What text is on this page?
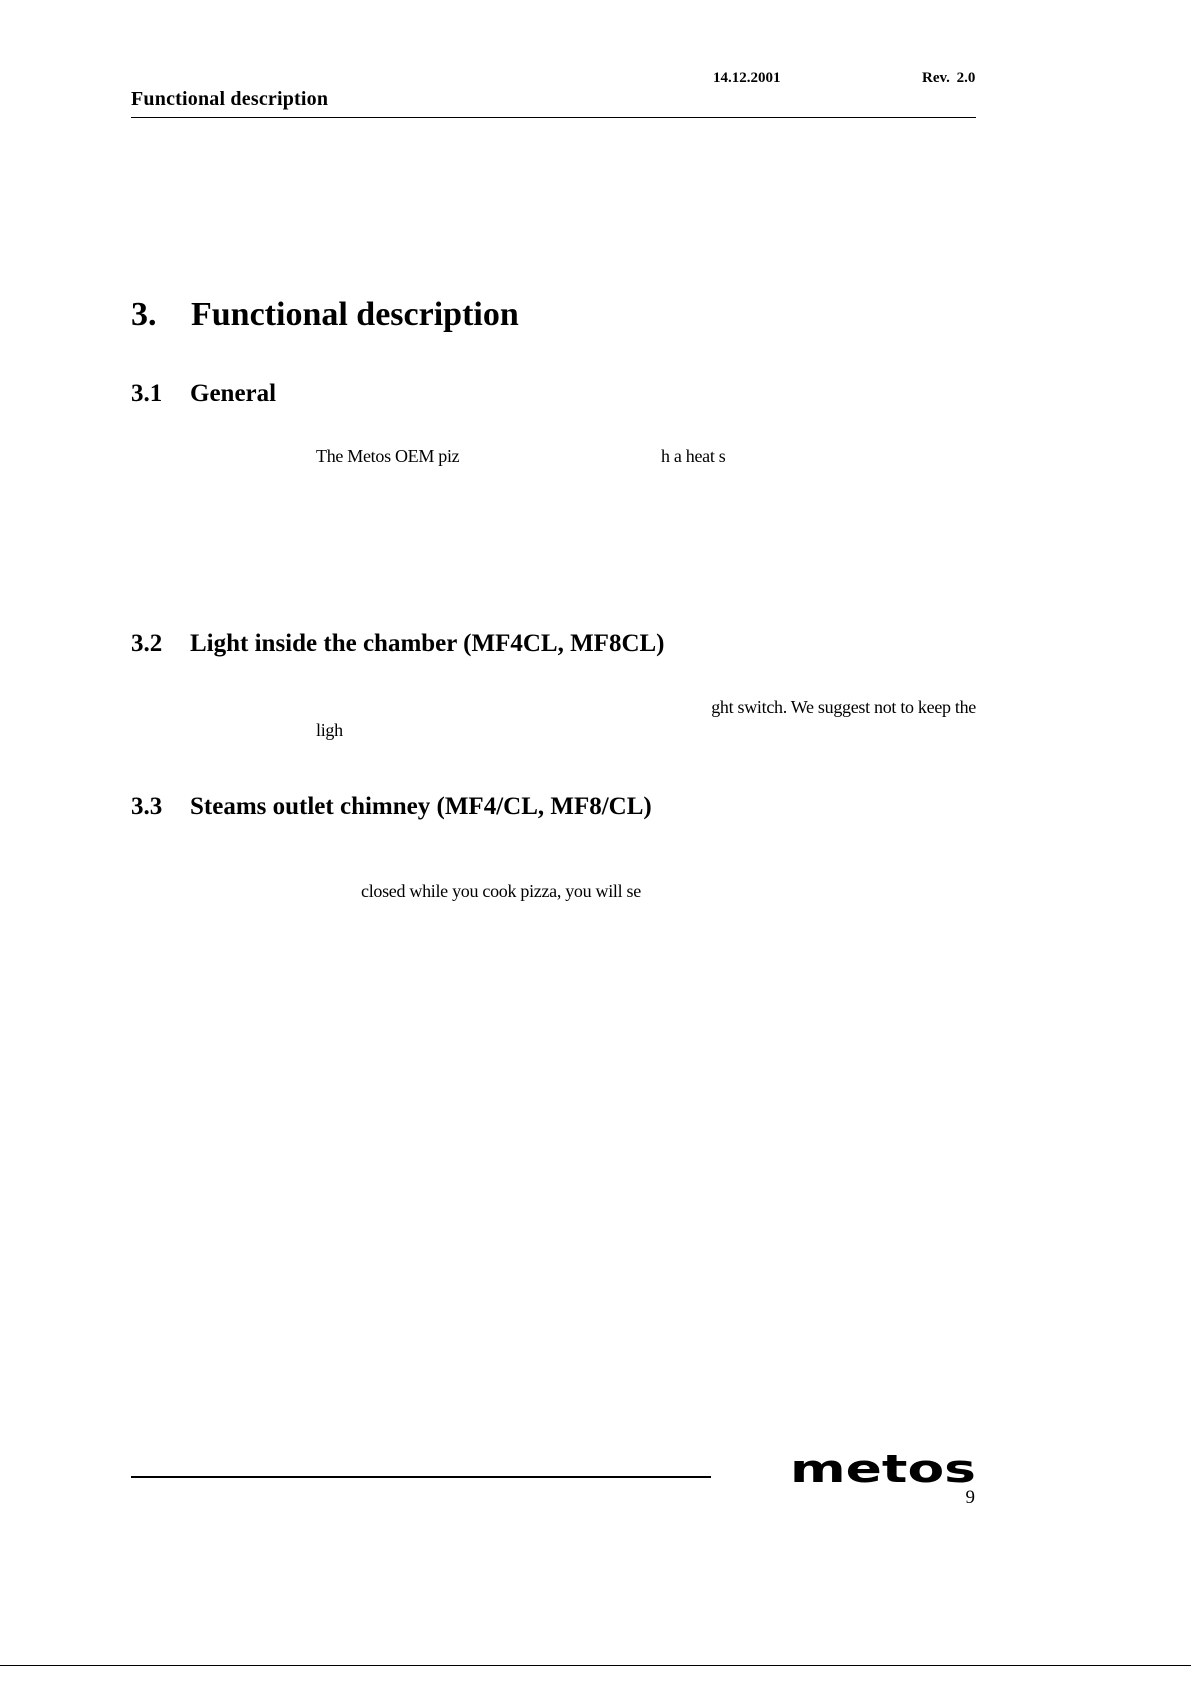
14.12.2001	Rev. 2.0
Functional description
3. Functional description
3.1 General
The Metos OEM piz	h a heat s
3.2 Light inside the chamber (MF4CL, MF8CL)
ght switch. We suggest not to keep the
ligh
3.3 Steams outlet chimney (MF4/CL, MF8/CL)
closed while you cook pizza, you will se
metos
9
